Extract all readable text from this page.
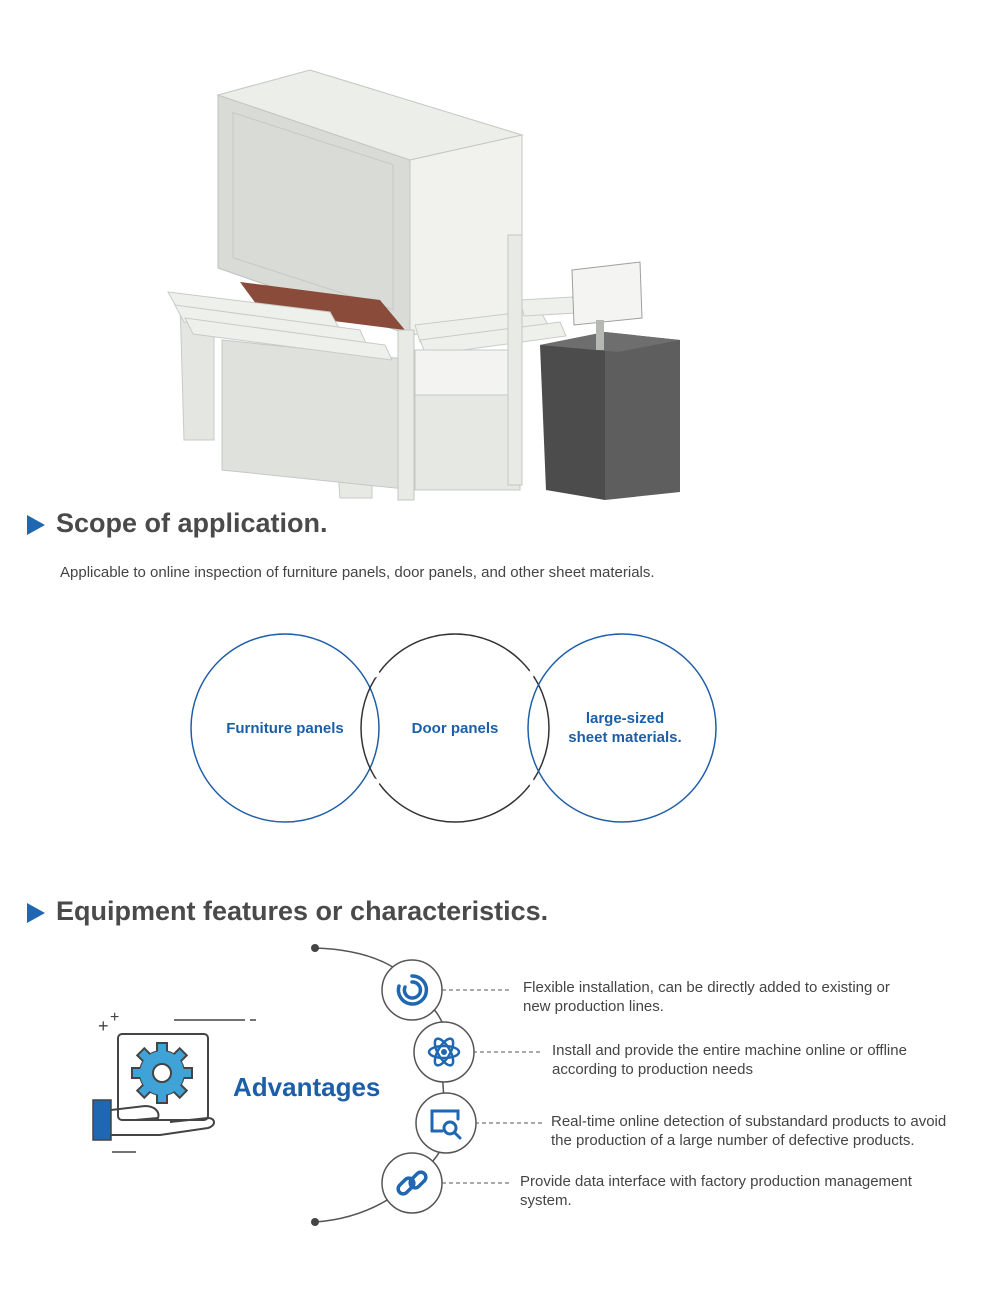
Scope of application.
Applicable to online inspection of furniture panels, door panels, and other sheet materials.
Furniture panels	Door panels
large-sized
sheet materials.
Equipment features or characteristics.
+ +
Advantages
Flexible installation, can be directly added to existing or
new production lines.
Install and provide the entire machine online or offline
according to production needs
Real-time online detection of substandard products to avoid
the production of a large number of defective products.
Provide data interface with factory production management
system.
